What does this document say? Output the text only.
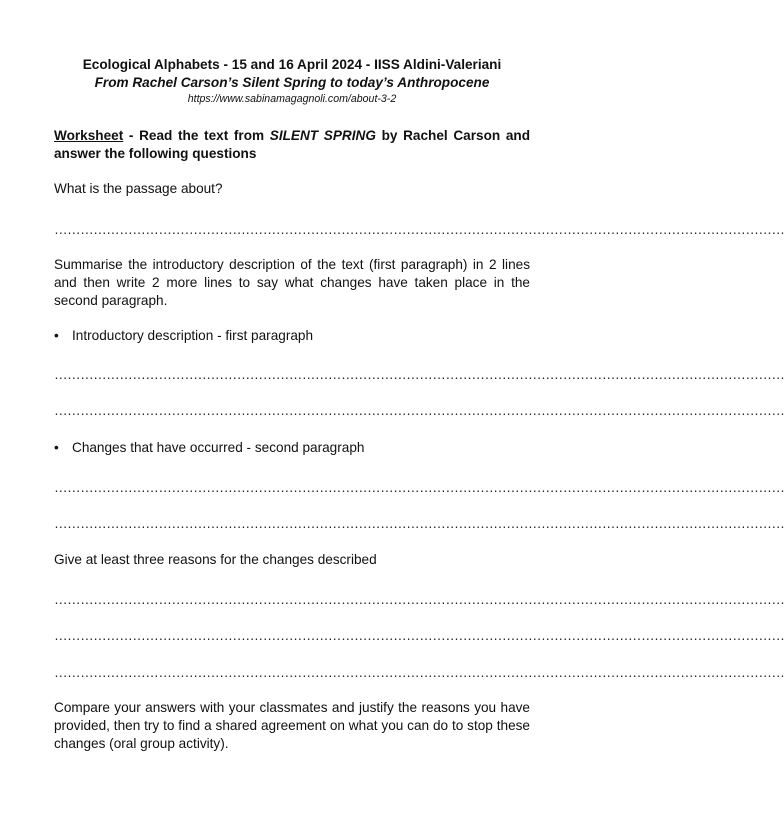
Ecological Alphabets - 15 and 16 April 2024 - IISS Aldini-Valeriani
From Rachel Carson’s Silent Spring to today’s Anthropocene
https://www.sabinamagagnoli.com/about-3-2
Worksheet - Read the text from SILENT SPRING by Rachel Carson and answer the following questions
What is the passage about?
……………………………………………………………………………………………………………………………………………………
Summarise the introductory description of the text (first paragraph) in 2 lines and then write 2 more lines to say what changes have taken place in the second paragraph.
• Introductory description - first paragraph
……………………………………………………………………………………………………………………………………………………
……………………………………………………………………………………………………………………………………………………
• Changes that have occurred - second paragraph
……………………………………………………………………………………………………………………………………………………
……………………………………………………………………………………………………………………………………………………
Give at least three reasons for the changes described
……………………………………………………………………………………………………………………………………………………
……………………………………………………………………………………………………………………………………………………
……………………………………………………………………………………………………………………………………………………
Compare your answers with your classmates and justify the reasons you have provided, then try to find a shared agreement on what you can do to stop these changes (oral group activity).
